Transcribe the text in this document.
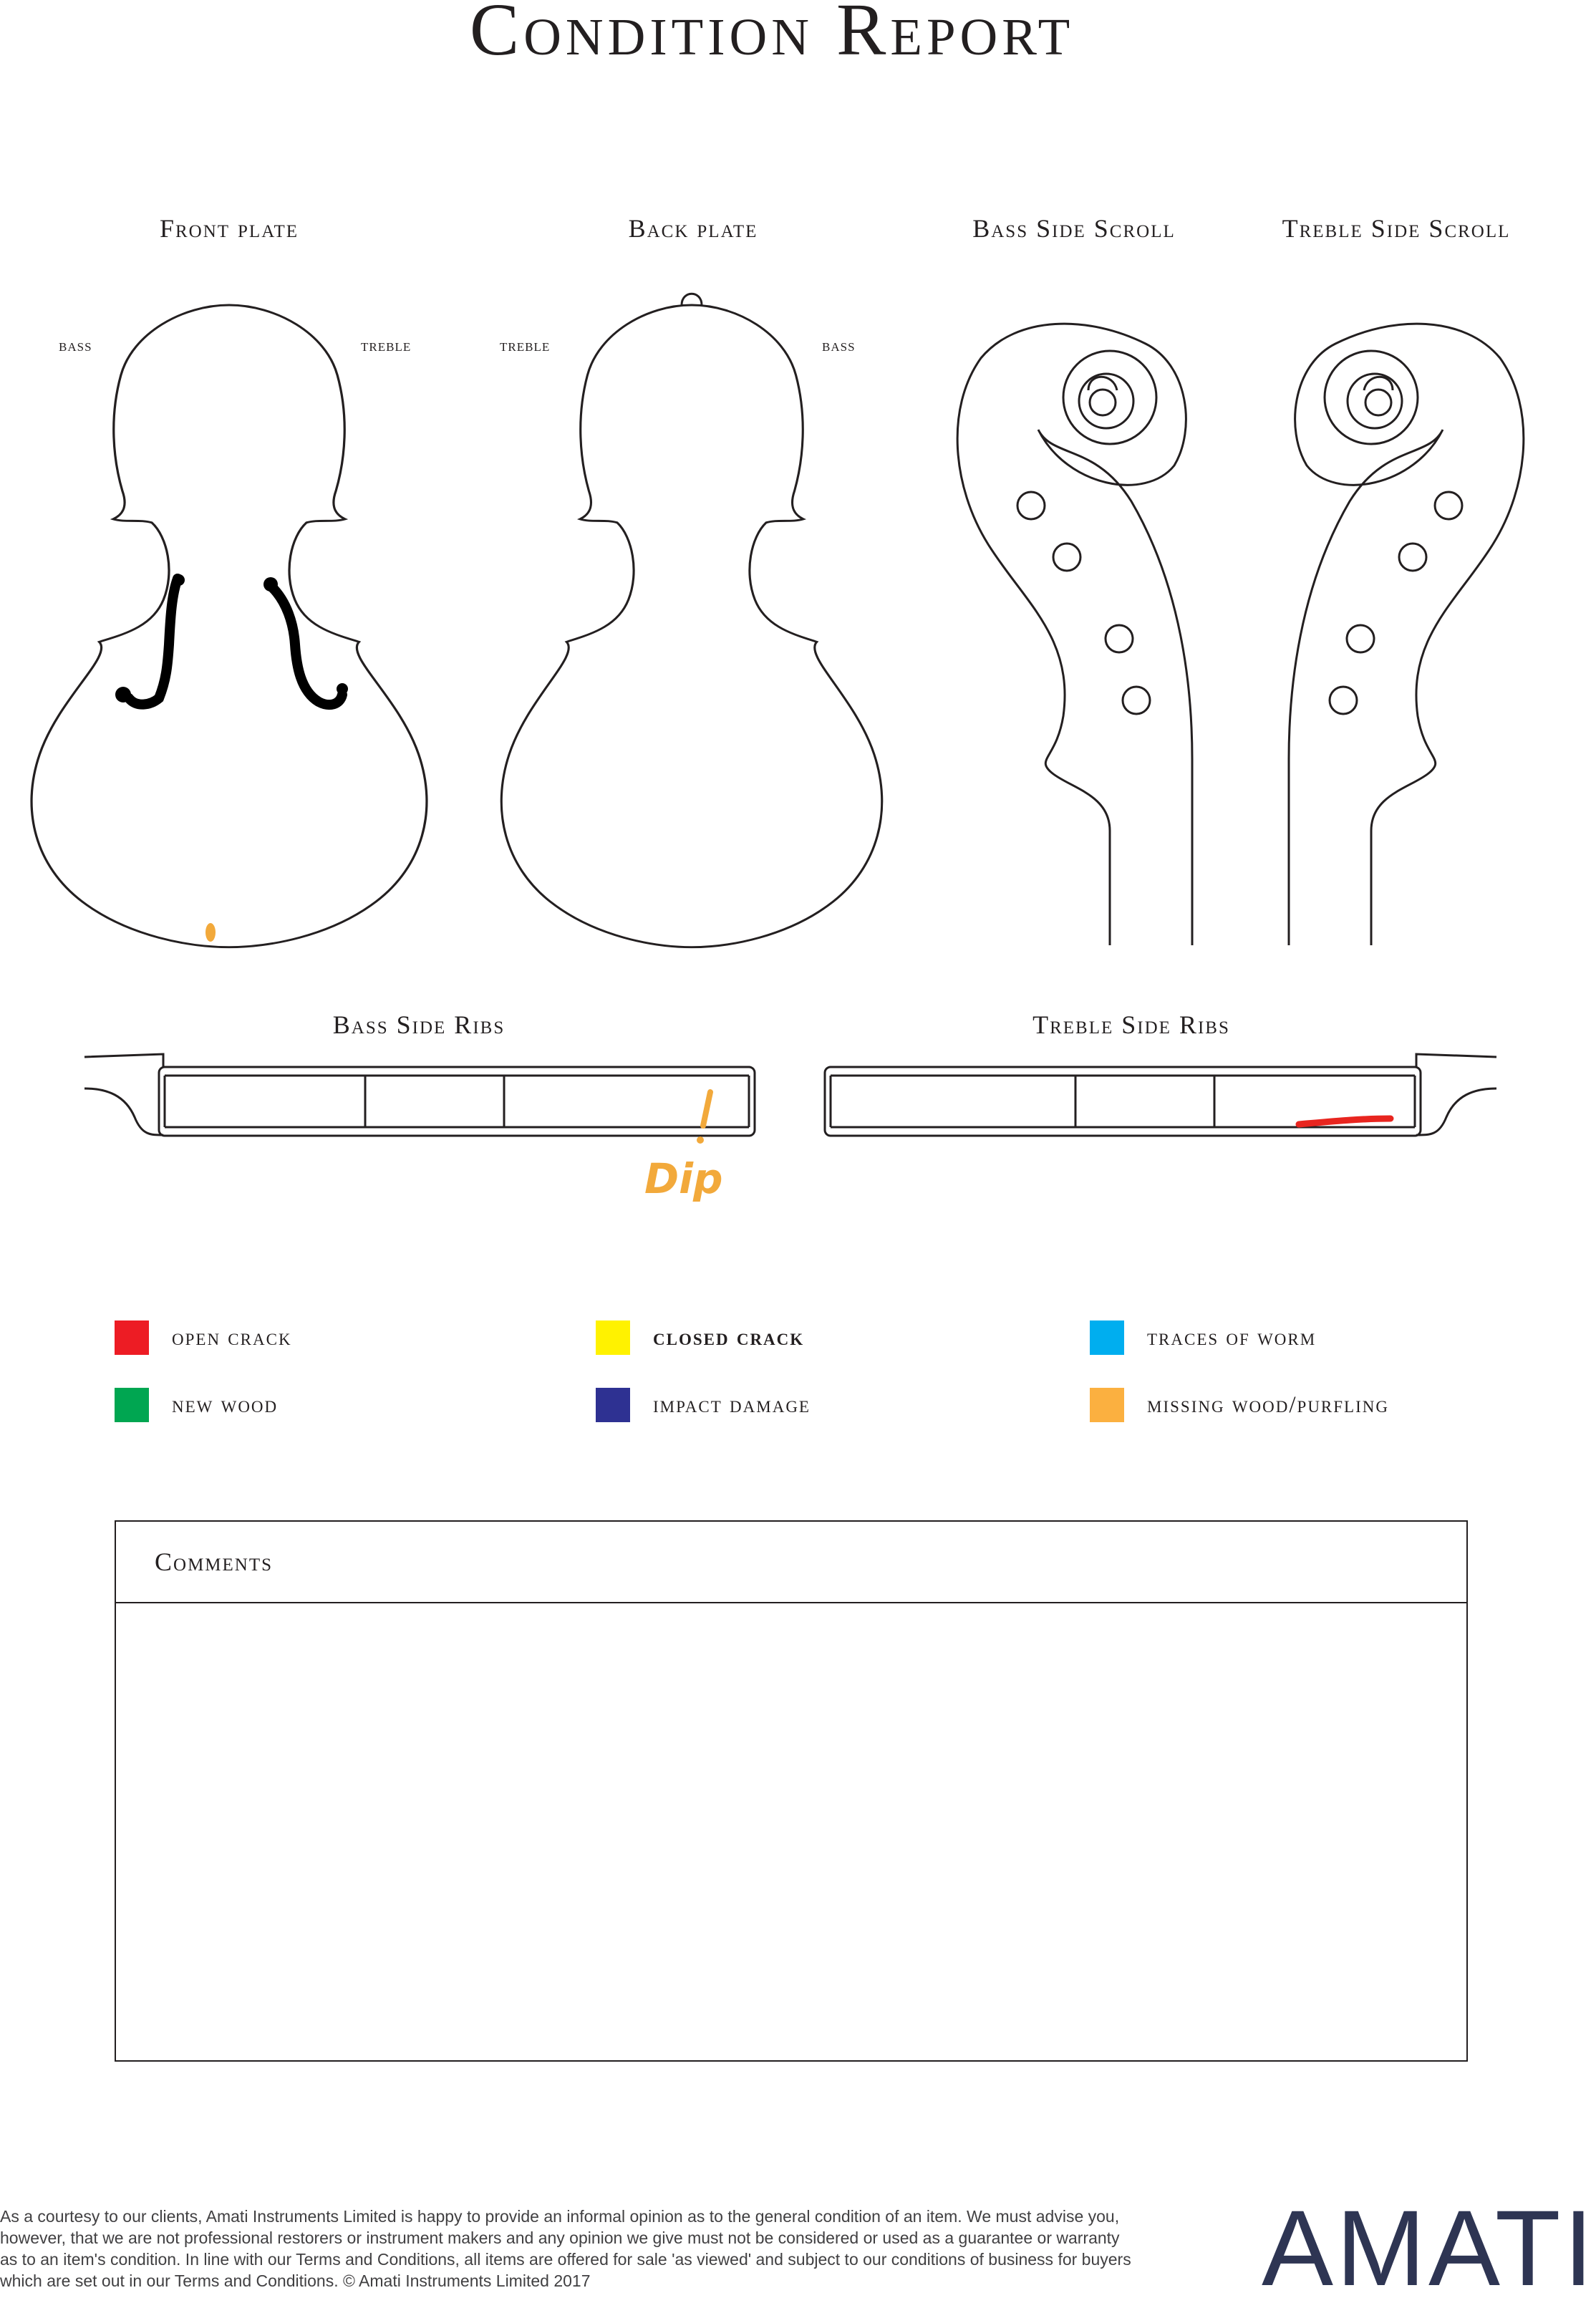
Condition Report
Front plate	Back plate	Bass Side Scroll	Treble Side Scroll
Bass Side Ribs	Treble Side Ribs
bass	treble	treble	bass
Dip
open crack	closed crack	traces of worm
new wood	impact damage	missing wood/purfling
Comments
As a courtesy to our clients, Amati Instruments Limited is happy to provide an informal opinion as to the general condition of an item. We must advise you, however, that we are not professional restorers or instrument makers and any opinion we give must not be considered or used as a guarantee or warranty as to an item's condition. In line with our Terms and Conditions, all items are offered for sale 'as viewed' and subject to our conditions of business for buyers which are set out in our Terms and Conditions. © Amati Instruments Limited 2017	AMATI
